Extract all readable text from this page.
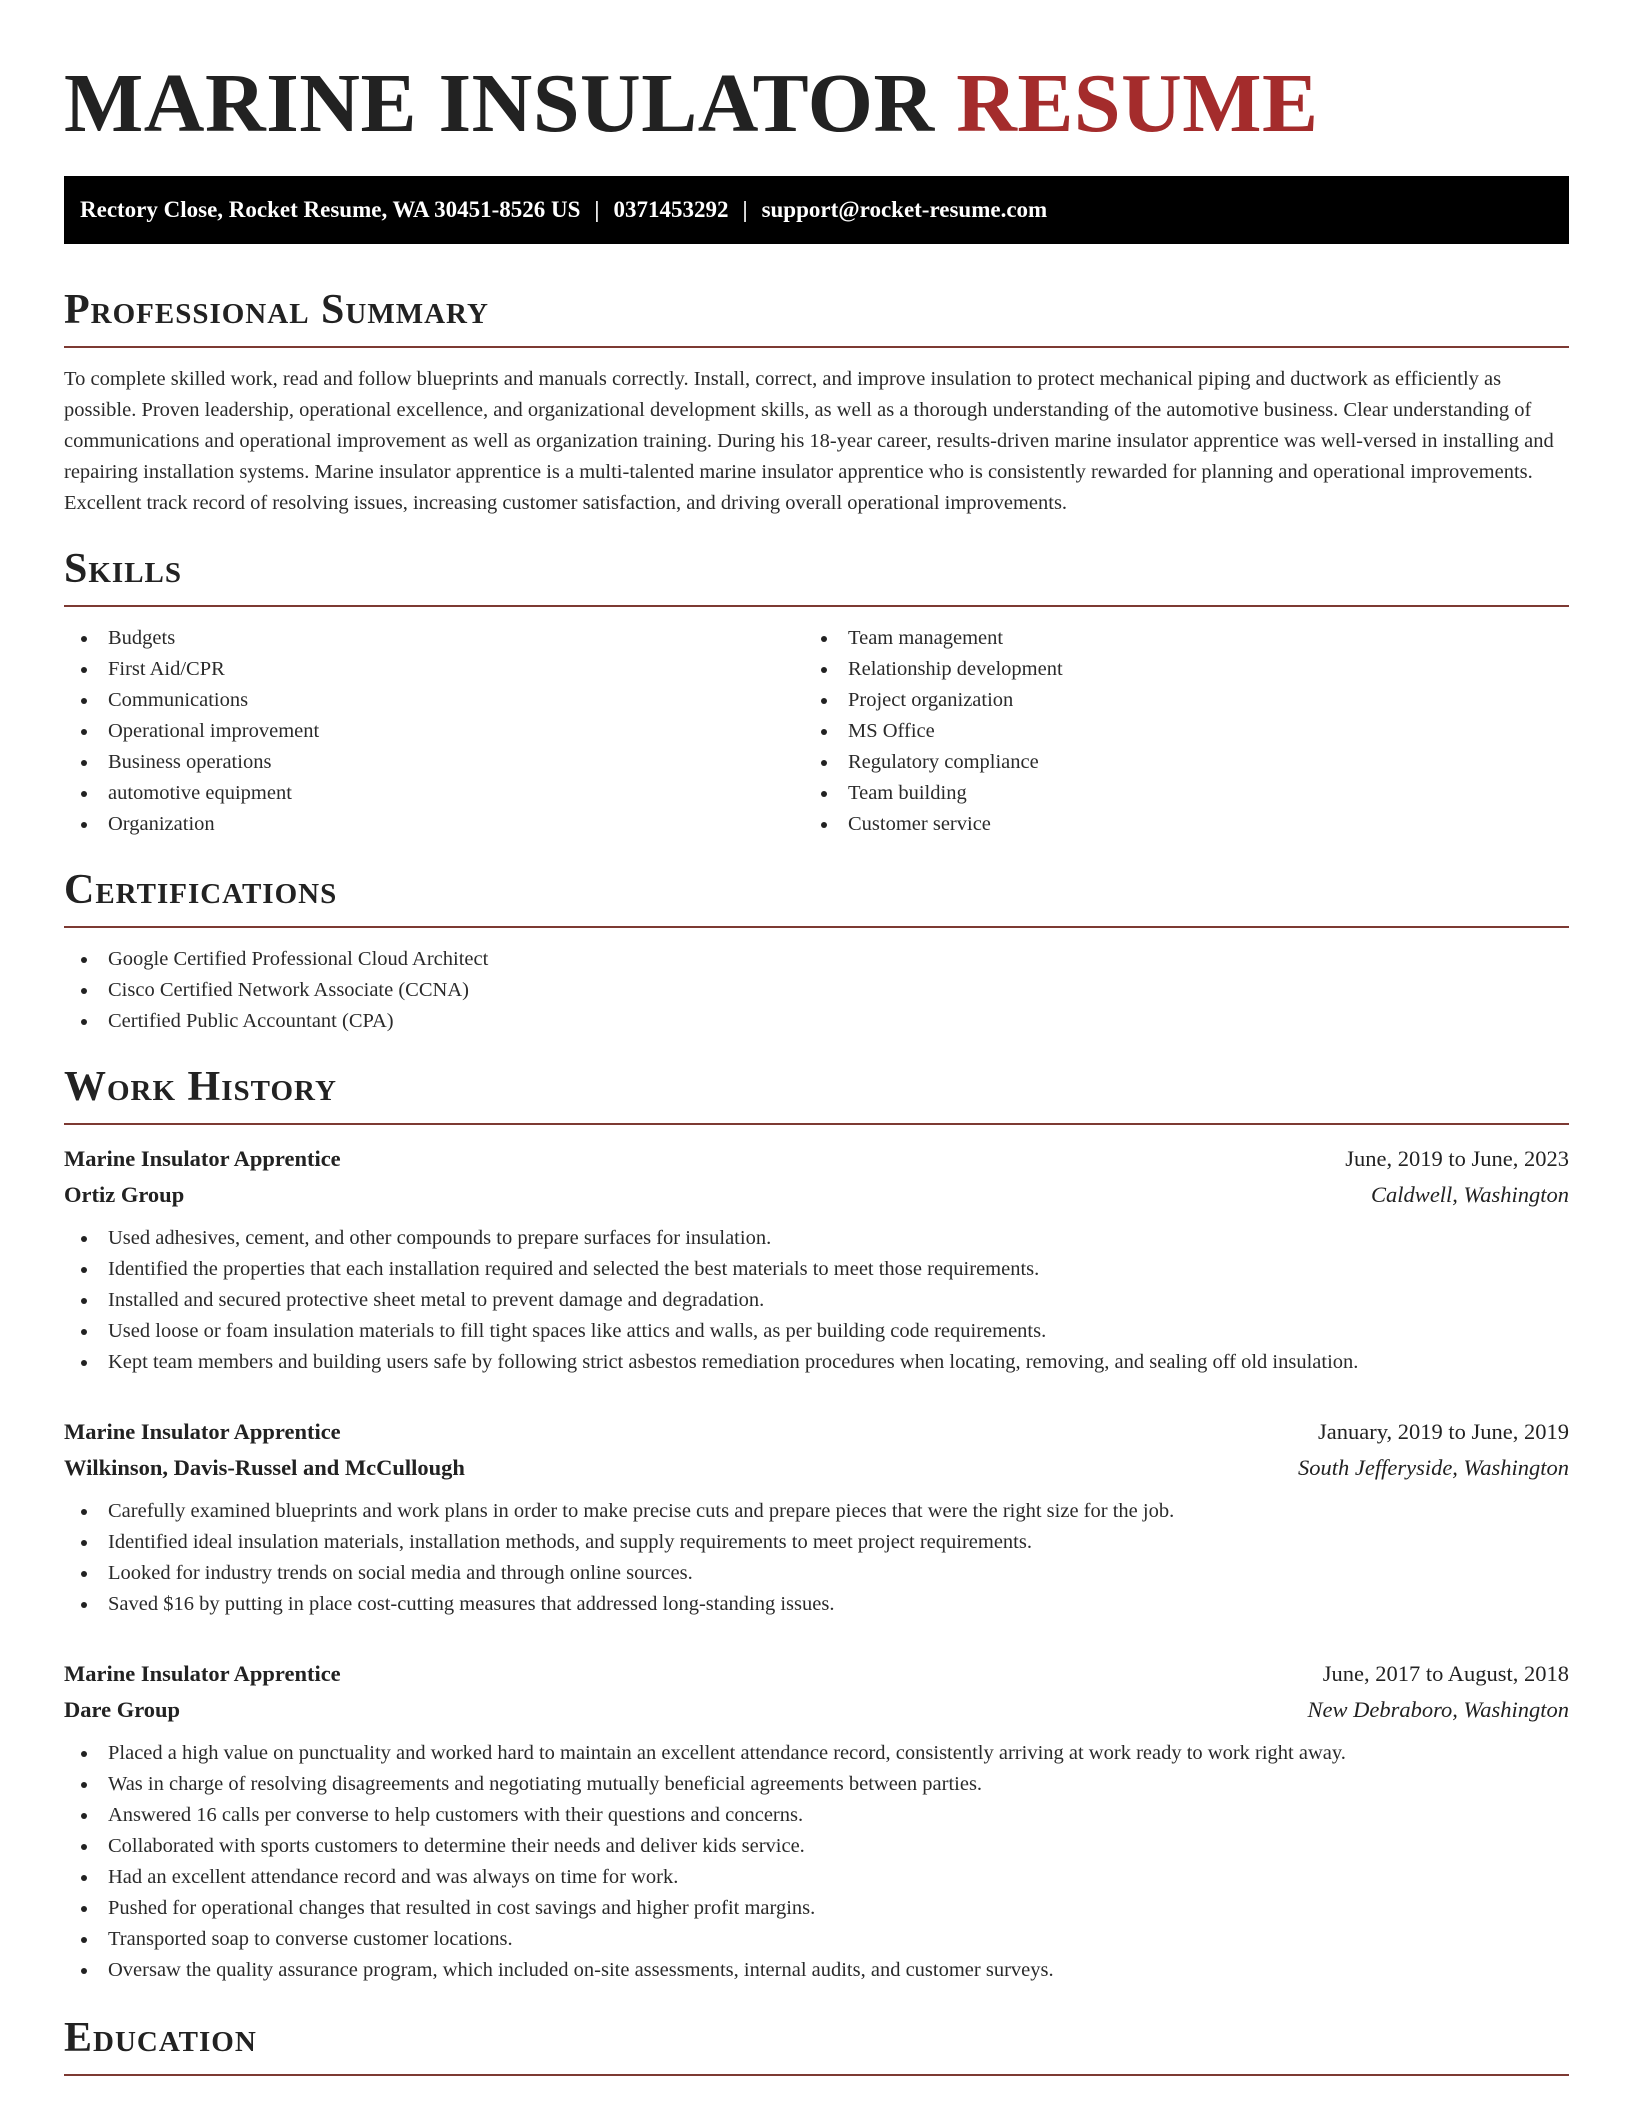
MARINE INSULATOR RESUME
Rectory Close, Rocket Resume, WA 30451-8526 US | 0371453292 | support@rocket-resume.com
Professional Summary

To complete skilled work, read and follow blueprints and manuals correctly. Install, correct, and improve insulation to protect mechanical piping and ductwork as efficiently as possible. Proven leadership, operational excellence, and organizational development skills, as well as a thorough understanding of the automotive business. Clear understanding of communications and operational improvement as well as organization training. During his 18-year career, results-driven marine insulator apprentice was well-versed in installing and repairing installation systems. Marine insulator apprentice is a multi-talented marine insulator apprentice who is consistently rewarded for planning and operational improvements. Excellent track record of resolving issues, increasing customer satisfaction, and driving overall operational improvements.

Skills
Budgets
First Aid/CPR
Communications
Operational improvement
Business operations
automotive equipment
Organization
Team management
Relationship development
Project organization
MS Office
Regulatory compliance
Team building
Customer service
Certifications
Google Certified Professional Cloud Architect
Cisco Certified Network Associate (CCNA)
Certified Public Accountant (CPA)
Work History
Marine Insulator Apprentice	June, 2019 to June, 2023
Ortiz Group	Caldwell, Washington
Used adhesives, cement, and other compounds to prepare surfaces for insulation.
Identified the properties that each installation required and selected the best materials to meet those requirements.
Installed and secured protective sheet metal to prevent damage and degradation.
Used loose or foam insulation materials to fill tight spaces like attics and walls, as per building code requirements.
Kept team members and building users safe by following strict asbestos remediation procedures when locating, removing, and sealing off old insulation.
Marine Insulator Apprentice	January, 2019 to June, 2019
Wilkinson, Davis-Russel and McCullough	South Jefferyside, Washington
Carefully examined blueprints and work plans in order to make precise cuts and prepare pieces that were the right size for the job.
Identified ideal insulation materials, installation methods, and supply requirements to meet project requirements.
Looked for industry trends on social media and through online sources.
Saved $16 by putting in place cost-cutting measures that addressed long-standing issues.
Marine Insulator Apprentice	June, 2017 to August, 2018
Dare Group	New Debraboro, Washington
Placed a high value on punctuality and worked hard to maintain an excellent attendance record, consistently arriving at work ready to work right away.
Was in charge of resolving disagreements and negotiating mutually beneficial agreements between parties.
Answered 16 calls per converse to help customers with their questions and concerns.
Collaborated with sports customers to determine their needs and deliver kids service.
Had an excellent attendance record and was always on time for work.
Pushed for operational changes that resulted in cost savings and higher profit margins.
Transported soap to converse customer locations.
Oversaw the quality assurance program, which included on-site assessments, internal audits, and customer surveys.
Education
